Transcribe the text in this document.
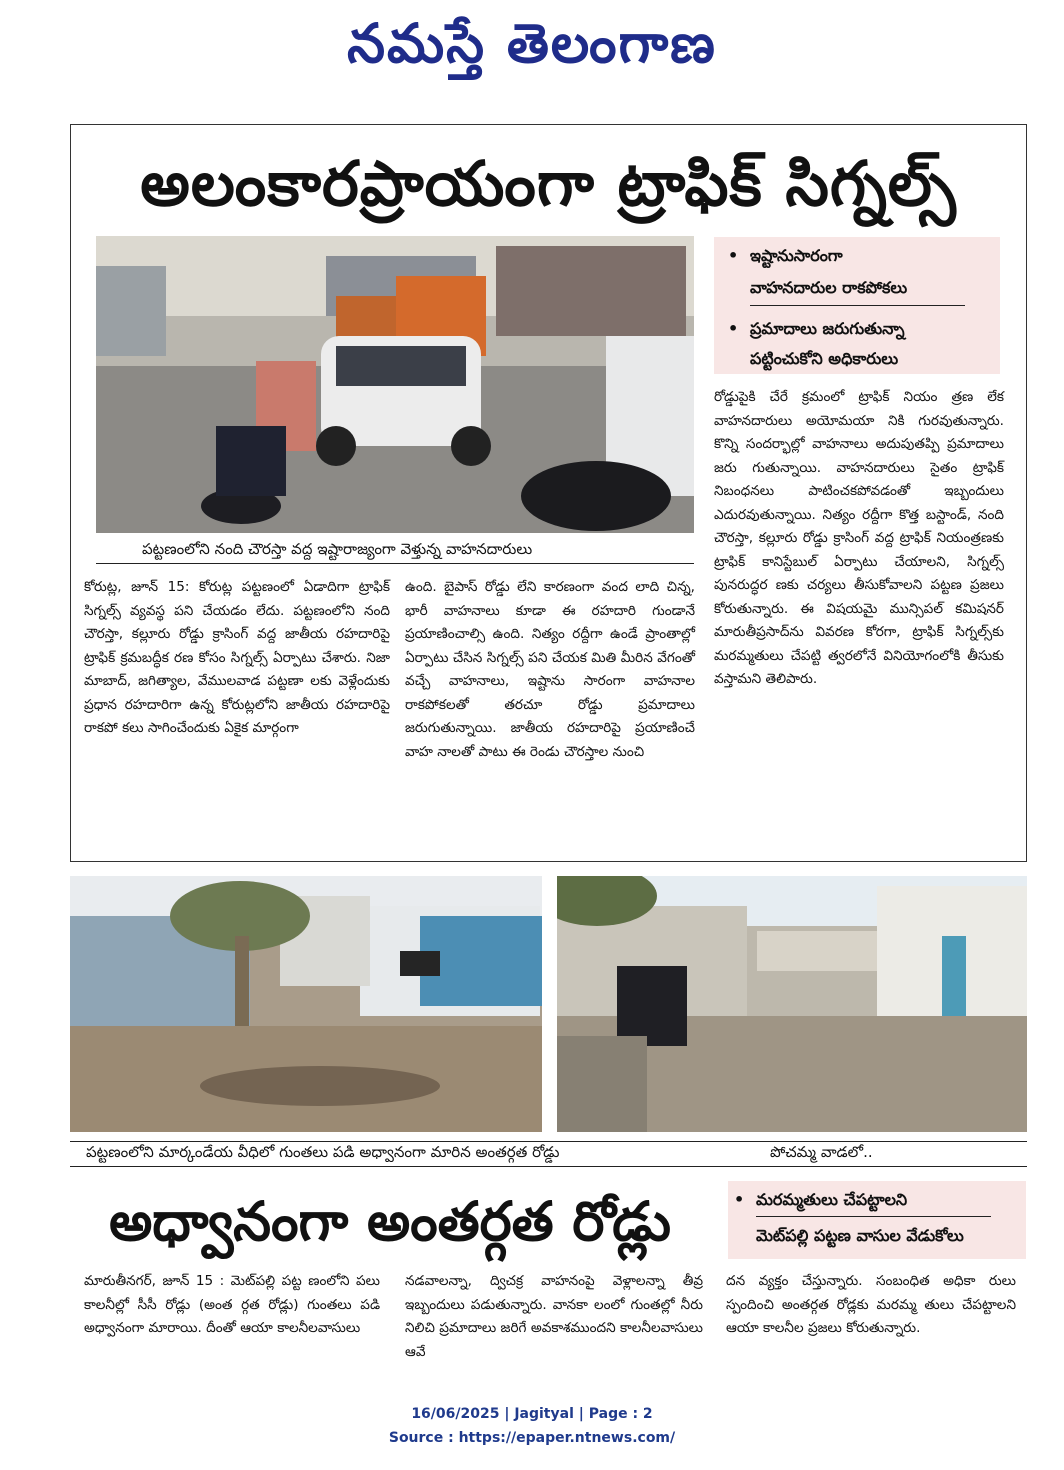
నమస్తే తెలంగాణ
అలంకారప్రాయంగా ట్రాఫిక్ సిగ్నల్స్
పట్టణంలోని నంది చౌరస్తా వద్ద ఇష్టారాజ్యంగా వెళ్తున్న వాహనదారులు
• ఇష్టానుసారంగా
వాహనదారుల రాకపోకలు
• ప్రమాదాలు జరుగుతున్నా
పట్టించుకోని అధికారులు

కోరుట్ల, జూన్ 15: కోరుట్ల పట్టణంలో ఏడాదిగా ట్రాఫిక్ సిగ్నల్స్ వ్యవస్థ పని చేయడం లేదు. పట్టణంలోని నంది చౌరస్తా, కల్లూరు రోడ్డు క్రాసింగ్ వద్ద జాతీయ రహదారిపై ట్రాఫిక్ క్రమబద్ధీక రణ కోసం సిగ్నల్స్ ఏర్పాటు చేశారు. నిజా మాబాద్, జగిత్యాల, వేములవాడ పట్టణా లకు వెళ్లేందుకు ప్రధాన రహదారిగా ఉన్న కోరుట్లలోని జాతీయ రహదారిపై రాకపో కలు సాగించేందుకు ఏకైక మార్గంగా

ఉంది. బైపాస్ రోడ్డు లేని కారణంగా వంద లాది చిన్న, భారీ వాహనాలు కూడా ఈ రహదారి గుండానే ప్రయాణించాల్సి ఉంది. నిత్యం రద్దీగా ఉండే ప్రాంతాల్లో ఏర్పాటు చేసిన సిగ్నల్స్ పని చేయక మితి మీరిన వేగంతో వచ్చే వాహనాలు, ఇష్టాను సారంగా వాహనాల రాకపోకలతో తరచూ రోడ్డు ప్రమాదాలు జరుగుతున్నాయి. జాతీయ రహదారిపై ప్రయాణించే వాహ నాలతో పాటు ఈ రెండు చౌరస్తాల నుంచి

రోడ్డుపైకి చేరే క్రమంలో ట్రాఫిక్ నియం త్రణ లేక వాహనదారులు అయోమయా నికి గురవుతున్నారు. కొన్ని సందర్భాల్లో వాహనాలు అదుపుతప్పి ప్రమాదాలు జరు గుతున్నాయి. వాహనదారులు సైతం ట్రాఫిక్ నిబంధనలు పాటించకపోవడంతో ఇబ్బందులు ఎదురవుతున్నాయి. నిత్యం రద్దీగా కొత్త బస్టాండ్, నంది చౌరస్తా, కల్లూరు రోడ్డు క్రాసింగ్ వద్ద ట్రాఫిక్ నియంత్రణకు ట్రాఫిక్ కానిస్టేబుల్ ఏర్పాటు చేయాలని, సిగ్నల్స్ పునరుద్ధర ణకు చర్యలు తీసుకోవాలని పట్టణ ప్రజలు కోరుతున్నారు. ఈ విషయమై మున్సిపల్ కమిషనర్ మారుతీప్రసాద్‌ను వివరణ కోరగా, ట్రాఫిక్ సిగ్నల్స్‌కు మరమ్మతులు చేపట్టి త్వరలోనే వినియోగంలోకి తీసుకు వస్తామని తెలిపారు.

పట్టణంలోని మార్కండేయ వీధిలో గుంతలు పడి అధ్వానంగా మారిన అంతర్గత రోడ్డు	పోచమ్మ వాడలో..
అధ్వానంగా అంతర్గత రోడ్లు	• మరమ్మతులు చేపట్టాలని
మెట్‌పల్లి పట్టణ వాసుల వేడుకోలు

మారుతీనగర్, జూన్ 15 : మెట్‌పల్లి పట్ట ణంలోని పలు కాలనీల్లో సీసీ రోడ్లు (అంత ర్గత రోడ్లు) గుంతలు పడి అధ్వానంగా మారాయి. దీంతో ఆయా కాలనీలవాసులు

నడవాలన్నా, ద్విచక్ర వాహనంపై వెళ్లాలన్నా తీవ్ర ఇబ్బందులు పడుతున్నారు. వానకా లంలో గుంతల్లో నీరు నిలిచి ప్రమాదాలు జరిగే అవకాశముందని కాలనీలవాసులు ఆవే

దన వ్యక్తం చేస్తున్నారు. సంబంధిత అధికా రులు స్పందించి అంతర్గత రోడ్లకు మరమ్మ తులు చేపట్టాలని ఆయా కాలనీల ప్రజలు కోరుతున్నారు.

16/06/2025 | Jagityal | Page : 2
Source : https://epaper.ntnews.com/
